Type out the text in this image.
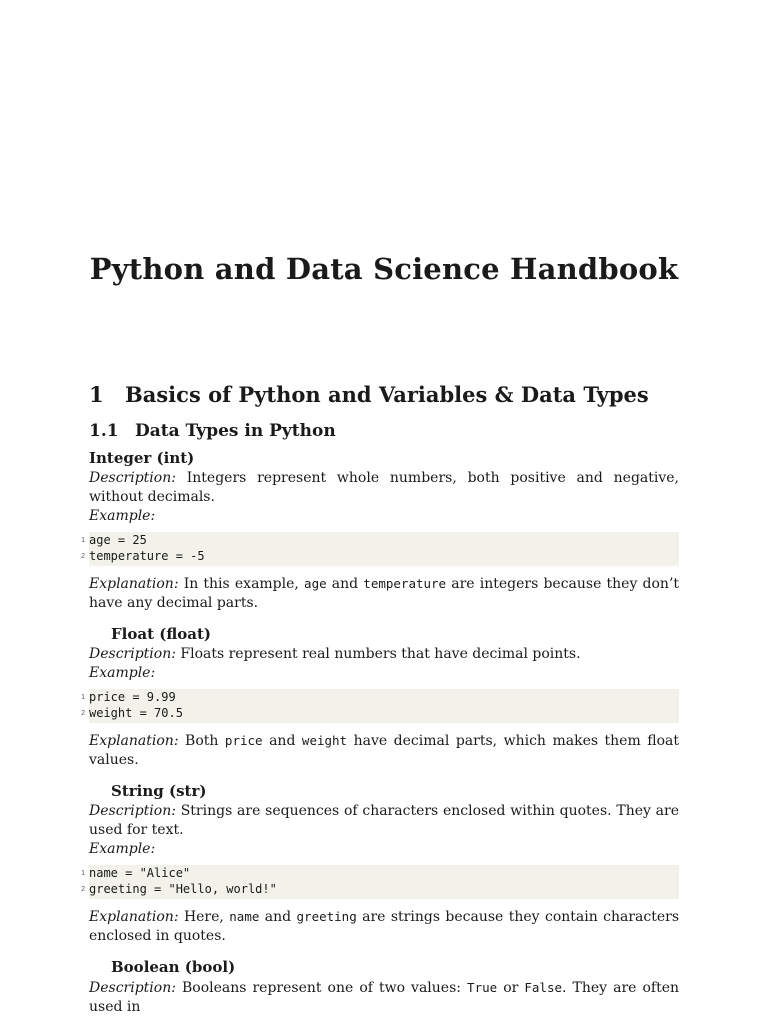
Python and Data Science Handbook
1	Basics of Python and Variables & Data Types
1.1 Data Types in Python
Integer (int)

Description: Integers represent whole numbers, both positive and negative, without decimals.

Example:

1 age = 25
2 temperature = -5

Explanation: In this example, age and temperature are integers because they don’t have any decimal parts.

Float (float)

Description: Floats represent real numbers that have decimal points.

Example:

1 price = 9.99
2 weight = 70.5

Explanation: Both price and weight have decimal parts, which makes them float values.

String (str)

Description: Strings are sequences of characters enclosed within quotes. They are used for text.

Example:

1 name = "Alice"
2 greeting = "Hello, world!"

Explanation: Here, name and greeting are strings because they contain characters enclosed in quotes.

Boolean (bool)

Description: Booleans represent one of two values: True or False. They are often used in
